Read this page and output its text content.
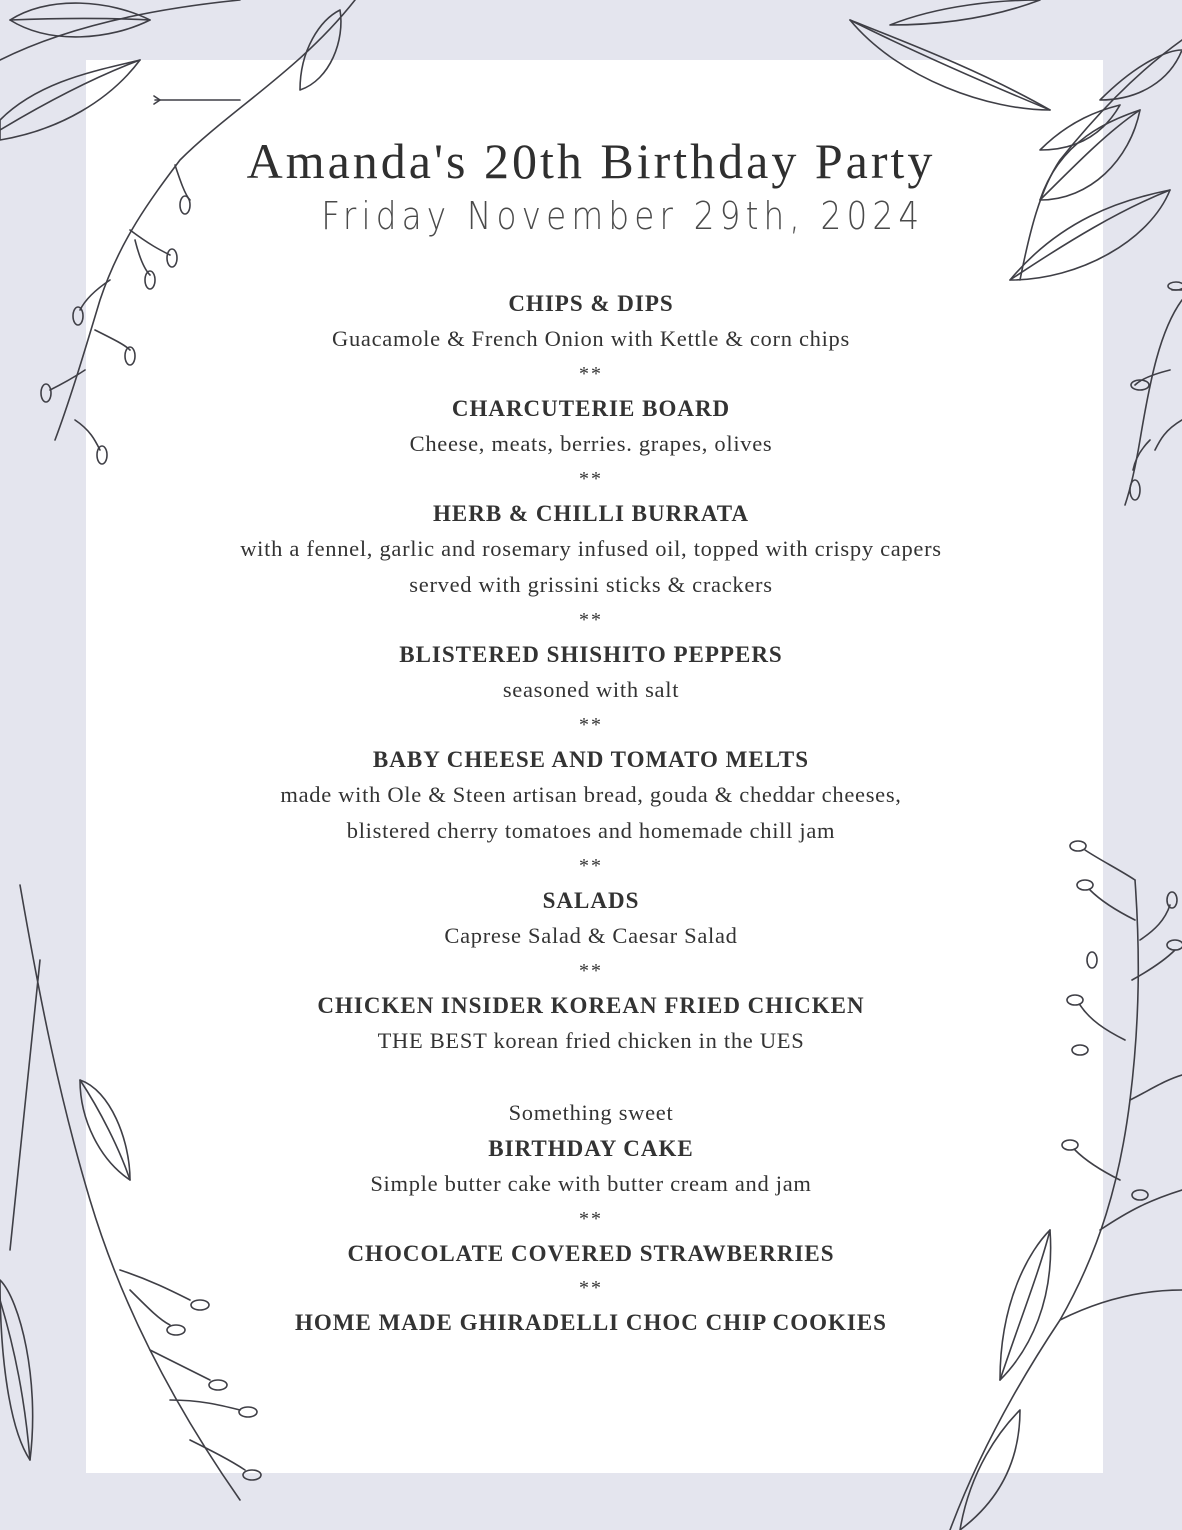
Amanda's 20th Birthday Party
Friday November 29th, 2024
CHIPS & DIPS
Guacamole & French Onion with Kettle & corn chips
**
CHARCUTERIE BOARD
Cheese, meats, berries. grapes, olives
**
HERB & CHILLI BURRATA
with a fennel, garlic and rosemary infused oil, topped with crispy capers
served with grissini sticks & crackers
**
BLISTERED SHISHITO PEPPERS
seasoned with salt
**
BABY CHEESE AND TOMATO MELTS
made with Ole & Steen artisan bread, gouda & cheddar cheeses,
blistered cherry tomatoes and homemade chill jam
**
SALADS
Caprese Salad & Caesar Salad
**
CHICKEN INSIDER KOREAN FRIED CHICKEN
THE BEST korean fried chicken in the UES
Something sweet
BIRTHDAY CAKE
Simple butter cake with butter cream and jam
**
CHOCOLATE COVERED STRAWBERRIES
**
HOME MADE GHIRADELLI CHOC CHIP COOKIES
